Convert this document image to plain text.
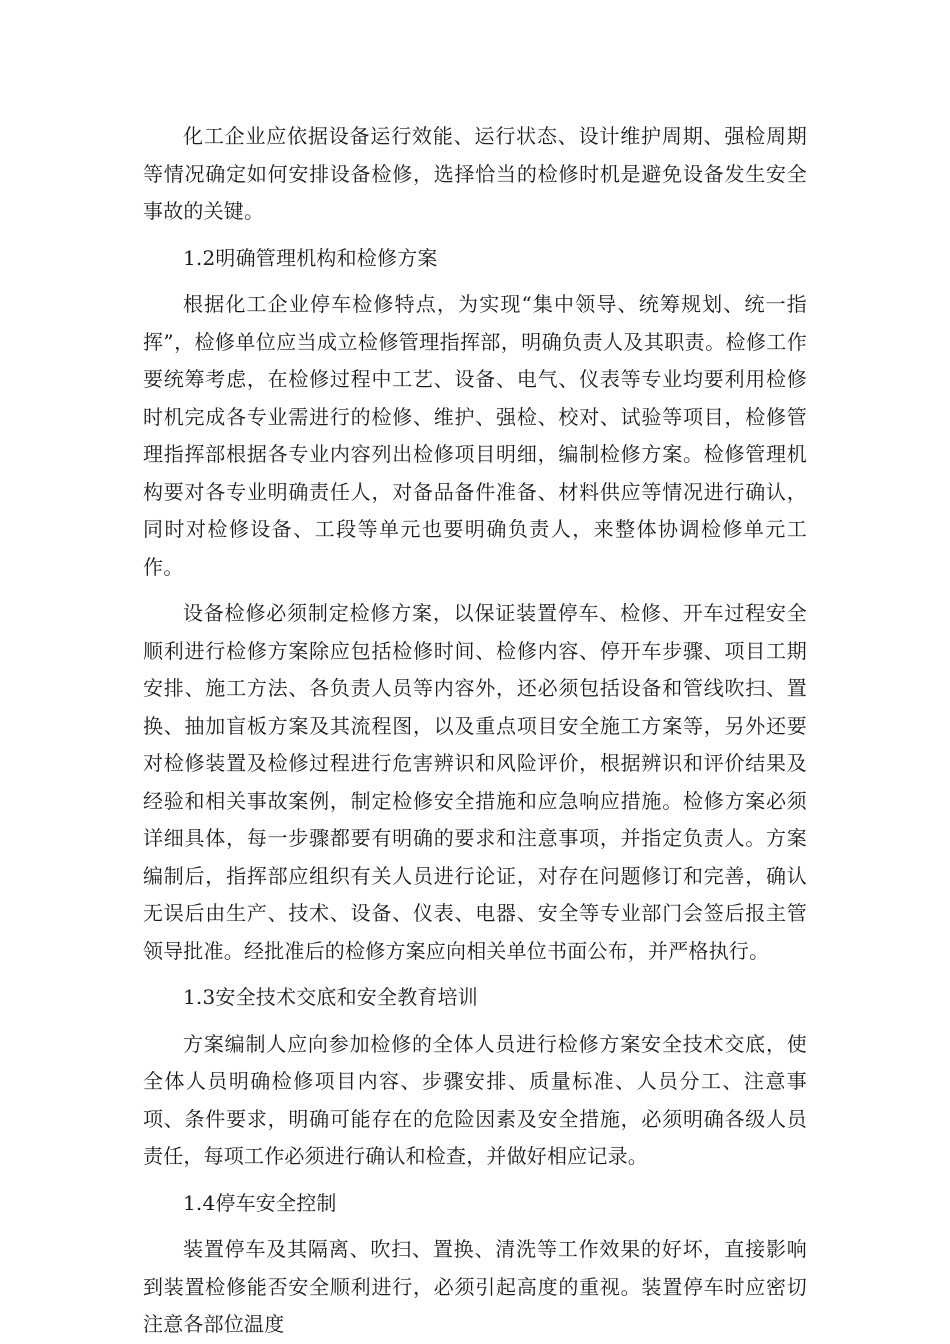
化工企业应依据设备运行效能、运行状态、设计维护周期、强检周期等情况确定如何安排设备检修，选择恰当的检修时机是避免设备发生安全事故的关键。

1.2明确管理机构和检修方案

根据化工企业停车检修特点，为实现“集中领导、统筹规划、统一指挥”，检修单位应当成立检修管理指挥部，明确负责人及其职责。检修工作要统筹考虑，在检修过程中工艺、设备、电气、仪表等专业均要利用检修时机完成各专业需进行的检修、维护、强检、校对、试验等项目，检修管理指挥部根据各专业内容列出检修项目明细，编制检修方案。检修管理机构要对各专业明确责任人，对备品备件准备、材料供应等情况进行确认，同时对检修设备、工段等单元也要明确负责人，来整体协调检修单元工作。

设备检修必须制定检修方案，以保证装置停车、检修、开车过程安全顺利进行检修方案除应包括检修时间、检修内容、停开车步骤、项目工期安排、施工方法、各负责人员等内容外，还必须包括设备和管线吹扫、置换、抽加盲板方案及其流程图，以及重点项目安全施工方案等，另外还要对检修装置及检修过程进行危害辨识和风险评价，根据辨识和评价结果及经验和相关事故案例，制定检修安全措施和应急响应措施。检修方案必须详细具体，每一步骤都要有明确的要求和注意事项，并指定负责人。方案编制后，指挥部应组织有关人员进行论证，对存在问题修订和完善，确认无误后由生产、技术、设备、仪表、电器、安全等专业部门会签后报主管领导批准。经批准后的检修方案应向相关单位书面公布，并严格执行。

1.3安全技术交底和安全教育培训

方案编制人应向参加检修的全体人员进行检修方案安全技术交底，使全体人员明确检修项目内容、步骤安排、质量标准、人员分工、注意事项、条件要求，明确可能存在的危险因素及安全措施，必须明确各级人员责任，每项工作必须进行确认和检查，并做好相应记录。

1.4停车安全控制

装置停车及其隔离、吹扫、置换、清洗等工作效果的好坏，直接影响到装置检修能否安全顺利进行，必须引起高度的重视。装置停车时应密切注意各部位温度
